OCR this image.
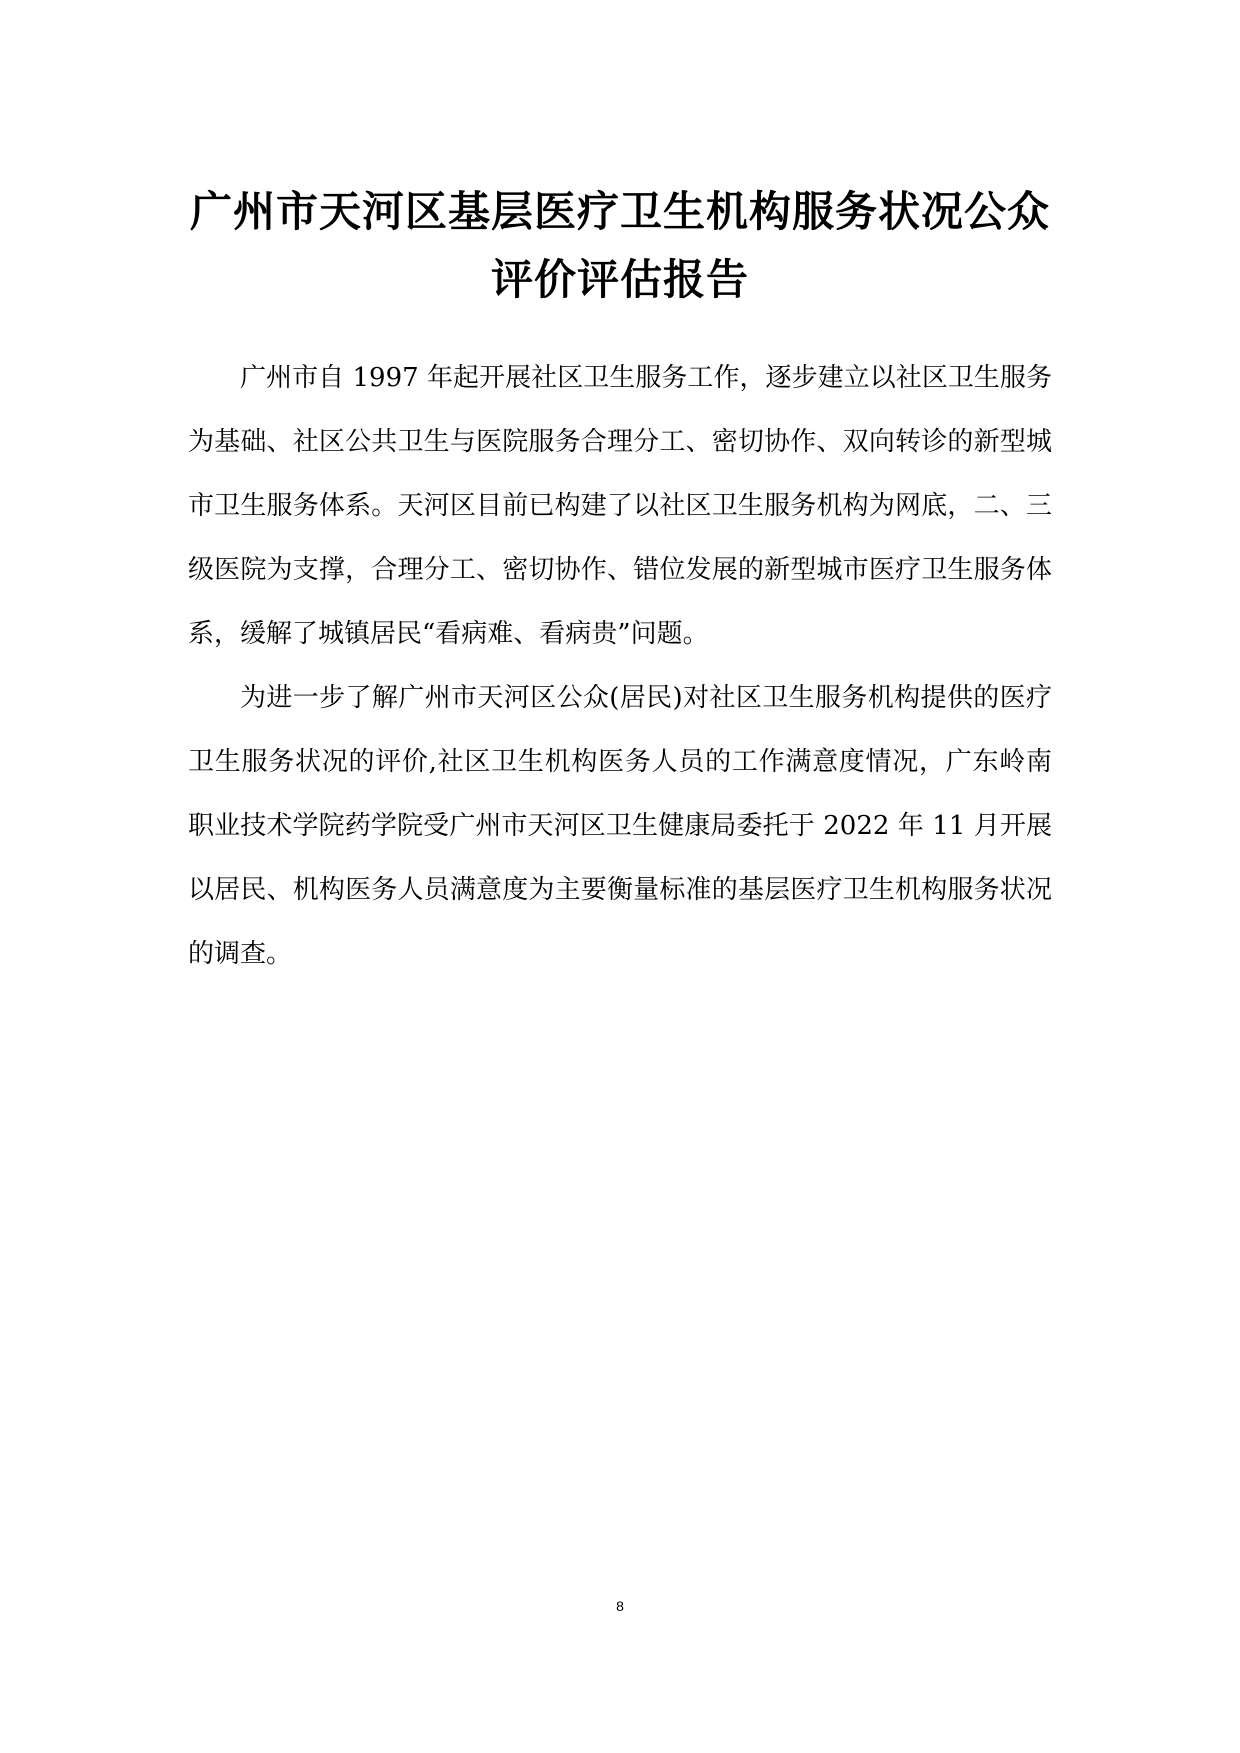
广州市天河区基层医疗卫生机构服务状况公众
评价评估报告

广州市自 1997 年起开展社区卫生服务工作，逐步建立以社区卫生服务为基础、社区公共卫生与医院服务合理分工、密切协作、双向转诊的新型城市卫生服务体系。天河区目前已构建了以社区卫生服务机构为网底，二、三级医院为支撑，合理分工、密切协作、错位发展的新型城市医疗卫生服务体系，缓解了城镇居民“看病难、看病贵”问题。

为进一步了解广州市天河区公众(居民)对社区卫生服务机构提供的医疗卫生服务状况的评价,社区卫生机构医务人员的工作满意度情况，广东岭南职业技术学院药学院受广州市天河区卫生健康局委托于 2022 年 11 月开展以居民、机构医务人员满意度为主要衡量标准的基层医疗卫生机构服务状况的调查。

8
